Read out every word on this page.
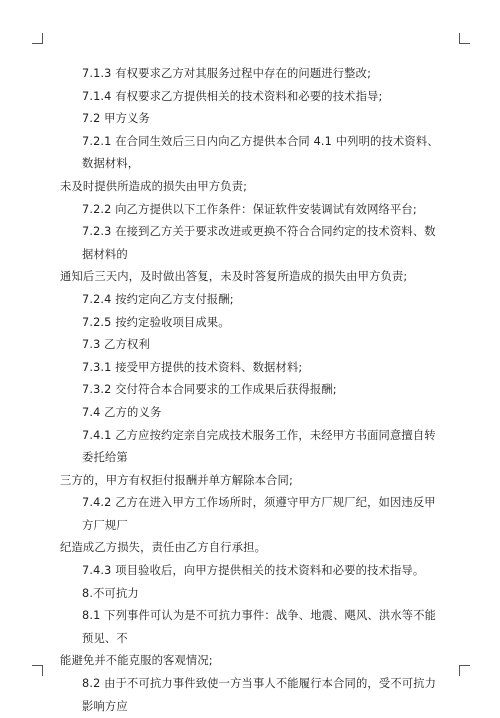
7.1.3 有权要求乙方对其服务过程中存在的问题进行整改;

7.1.4 有权要求乙方提供相关的技术资料和必要的技术指导;

7.2 甲方义务

7.2.1 在合同生效后三日内向乙方提供本合同 4.1 中列明的技术资料、数据材料，

未及时提供所造成的损失由甲方负责;

7.2.2 向乙方提供以下工作条件：保证软件安装调试有效网络平台;

7.2.3 在接到乙方关于要求改进或更换不符合合同约定的技术资料、数据材料的

通知后三天内，及时做出答复，未及时答复所造成的损失由甲方负责;

7.2.4 按约定向乙方支付报酬;

7.2.5 按约定验收项目成果。

7.3 乙方权利

7.3.1 接受甲方提供的技术资料、数据材料;

7.3.2 交付符合本合同要求的工作成果后获得报酬;

7.4 乙方的义务

7.4.1 乙方应按约定亲自完成技术服务工作，未经甲方书面同意擅自转委托给第

三方的，甲方有权拒付报酬并单方解除本合同;

7.4.2 乙方在进入甲方工作场所时，须遵守甲方厂规厂纪，如因违反甲方厂规厂

纪造成乙方损失，责任由乙方自行承担。

7.4.3 项目验收后，向甲方提供相关的技术资料和必要的技术指导。

8.不可抗力

8.1 下列事件可认为是不可抗力事件：战争、地震、飓风、洪水等不能预见、不

能避免并不能克服的客观情况;

8.2 由于不可抗力事件致使一方当事人不能履行本合同的，受不可抗力影响方应
